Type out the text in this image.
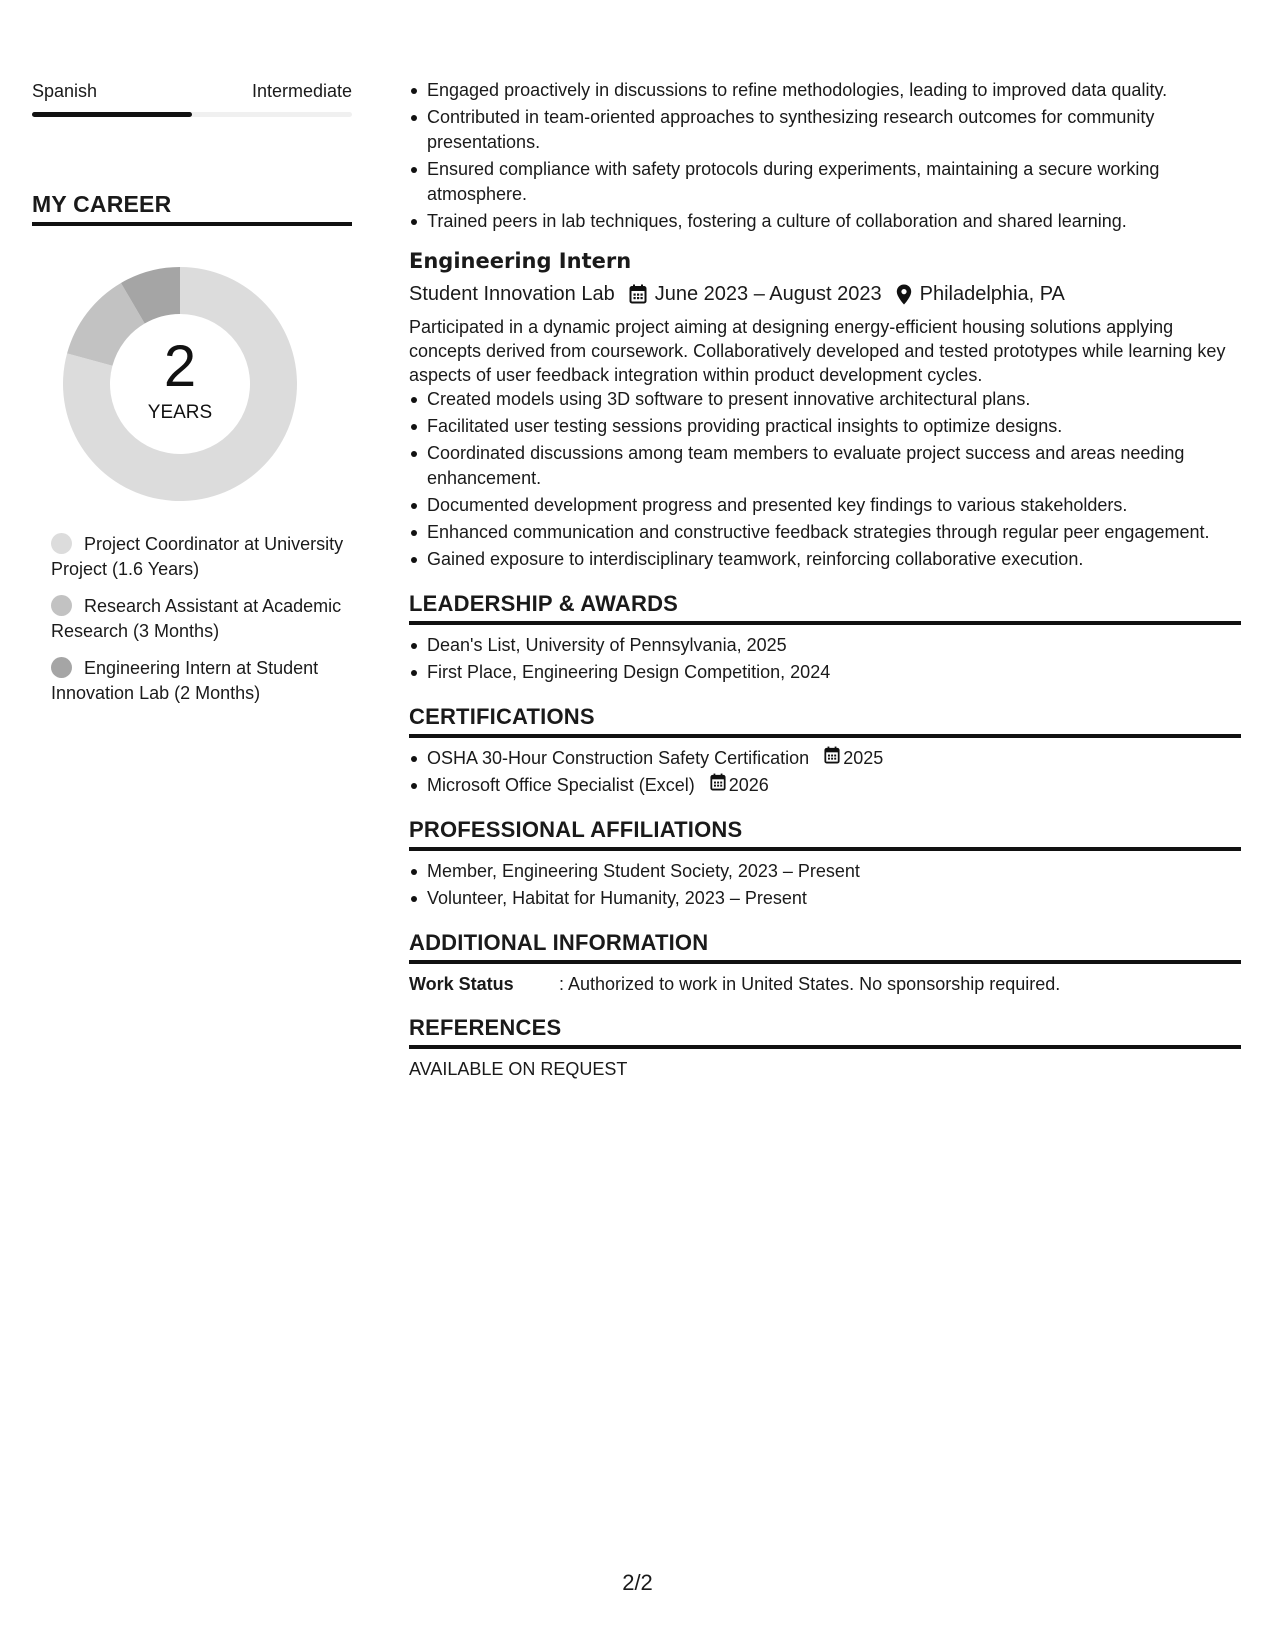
Spanish	Intermediate
MY CAREER
2
YEARS
Project Coordinator at University Project (1.6 Years)
Research Assistant at Academic Research (3 Months)
Engineering Intern at Student Innovation Lab (2 Months)
Engaged proactively in discussions to refine methodologies, leading to improved data quality.
Contributed in team-oriented approaches to synthesizing research outcomes for community presentations.
Ensured compliance with safety protocols during experiments, maintaining a secure working atmosphere.
Trained peers in lab techniques, fostering a culture of collaboration and shared learning.
Engineering Intern
Student Innovation Lab June 2023 – August 2023 Philadelphia, PA

Participated in a dynamic project aiming at designing energy-efficient housing solutions applying concepts derived from coursework. Collaboratively developed and tested prototypes while learning key aspects of user feedback integration within product development cycles.

Created models using 3D software to present innovative architectural plans.
Facilitated user testing sessions providing practical insights to optimize designs.
Coordinated discussions among team members to evaluate project success and areas needing enhancement.
Documented development progress and presented key findings to various stakeholders.
Enhanced communication and constructive feedback strategies through regular peer engagement.
Gained exposure to interdisciplinary teamwork, reinforcing collaborative execution.
LEADERSHIP & AWARDS
Dean's List, University of Pennsylvania, 2025
First Place, Engineering Design Competition, 2024
CERTIFICATIONS
OSHA 30-Hour Construction Safety Certification 2025
Microsoft Office Specialist (Excel) 2026
PROFESSIONAL AFFILIATIONS
Member, Engineering Student Society, 2023 – Present
Volunteer, Habitat for Humanity, 2023 – Present
ADDITIONAL INFORMATION
Work Status	: Authorized to work in United States. No sponsorship required.
REFERENCES
AVAILABLE ON REQUEST
2/2
